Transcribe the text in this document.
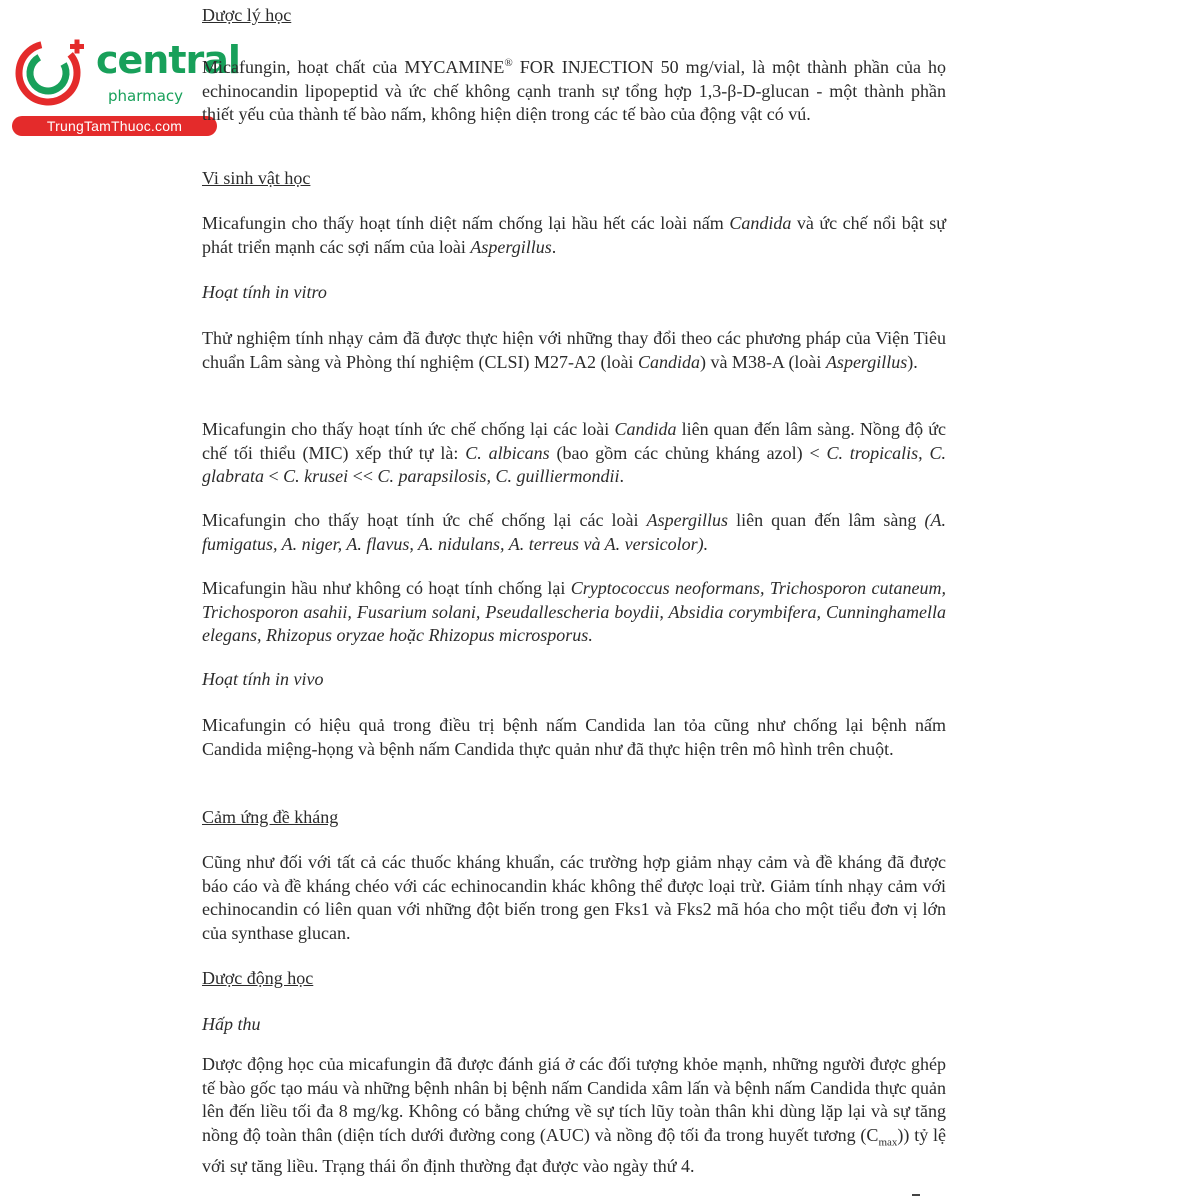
central
pharmacy
TrungTamThuoc.com
Dược lý học
Micafungin, hoạt chất của MYCAMINE® FOR INJECTION 50 mg/vial, là một thành phần của họ echinocandin lipopeptid và ức chế không cạnh tranh sự tổng hợp 1,3-β-D-glucan - một thành phần thiết yếu của thành tế bào nấm, không hiện diện trong các tế bào của động vật có vú.
Vi sinh vật học
Micafungin cho thấy hoạt tính diệt nấm chống lại hầu hết các loài nấm Candida và ức chế nổi bật sự phát triển mạnh các sợi nấm của loài Aspergillus.
Hoạt tính in vitro
Thử nghiệm tính nhạy cảm đã được thực hiện với những thay đổi theo các phương pháp của Viện Tiêu chuẩn Lâm sàng và Phòng thí nghiệm (CLSI) M27-A2 (loài Candida) và M38-A (loài Aspergillus).
Micafungin cho thấy hoạt tính ức chế chống lại các loài Candida liên quan đến lâm sàng. Nồng độ ức chế tối thiểu (MIC) xếp thứ tự là: C. albicans (bao gồm các chủng kháng azol) < C. tropicalis, C. glabrata < C. krusei << C. parapsilosis, C. guilliermondii.
Micafungin cho thấy hoạt tính ức chế chống lại các loài Aspergillus liên quan đến lâm sàng (A. fumigatus, A. niger, A. flavus, A. nidulans, A. terreus và A. versicolor).
Micafungin hầu như không có hoạt tính chống lại Cryptococcus neoformans, Trichosporon cutaneum, Trichosporon asahii, Fusarium solani, Pseudallescheria boydii, Absidia corymbifera, Cunninghamella elegans, Rhizopus oryzae hoặc Rhizopus microsporus.
Hoạt tính in vivo
Micafungin có hiệu quả trong điều trị bệnh nấm Candida lan tỏa cũng như chống lại bệnh nấm Candida miệng-họng và bệnh nấm Candida thực quản như đã thực hiện trên mô hình trên chuột.
Cảm ứng đề kháng
Cũng như đối với tất cả các thuốc kháng khuẩn, các trường hợp giảm nhạy cảm và đề kháng đã được báo cáo và đề kháng chéo với các echinocandin khác không thể được loại trừ. Giảm tính nhạy cảm với echinocandin có liên quan với những đột biến trong gen Fks1 và Fks2 mã hóa cho một tiểu đơn vị lớn của synthase glucan.
Dược động học
Hấp thu
Dược động học của micafungin đã được đánh giá ở các đối tượng khỏe mạnh, những người được ghép tế bào gốc tạo máu và những bệnh nhân bị bệnh nấm Candida xâm lấn và bệnh nấm Candida thực quản lên đến liều tối đa 8 mg/kg. Không có bằng chứng về sự tích lũy toàn thân khi dùng lặp lại và sự tăng nồng độ toàn thân (diện tích dưới đường cong (AUC) và nồng độ tối đa trong huyết tương $(C_{max})$) tỷ lệ với sự tăng liều. Trạng thái ổn định thường đạt được vào ngày thứ 4.
